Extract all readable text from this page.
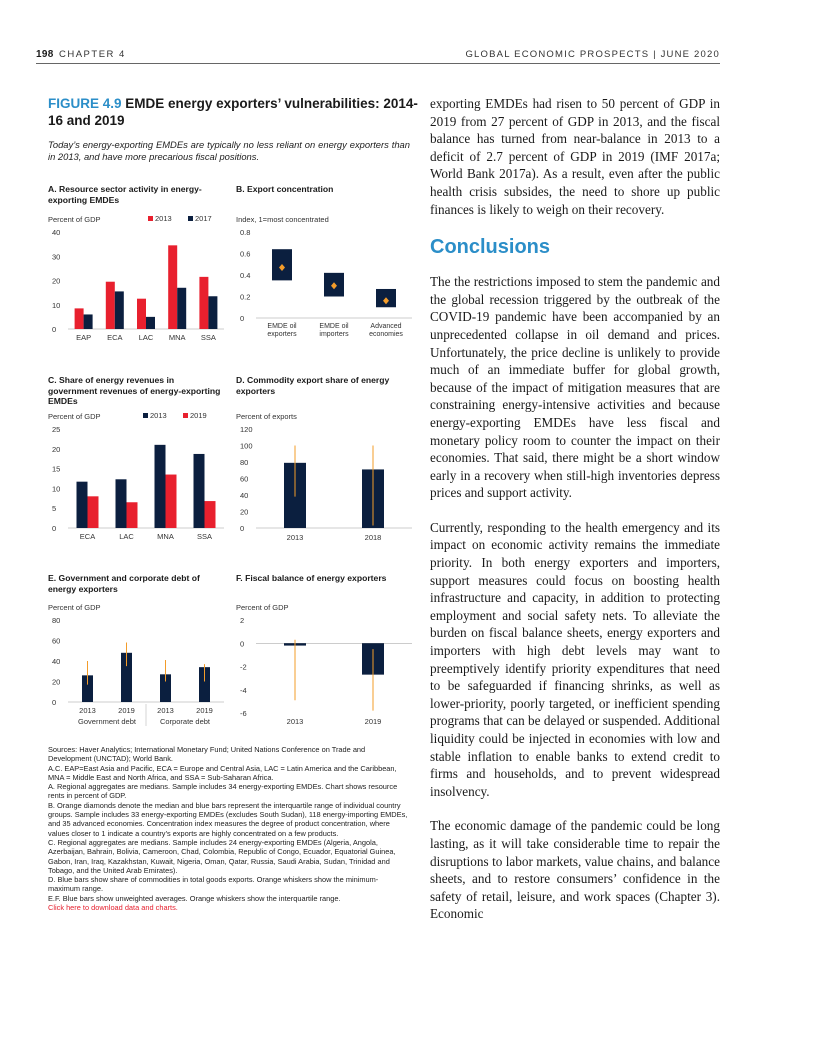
198 CHAPTER 4	GLOBAL ECONOMIC PROSPECTS | JUNE 2020
FIGURE 4.9 EMDE energy exporters’ vulnerabilities: 2014-16 and 2019
Today’s energy-exporting EMDEs are typically no less reliant on energy exporters than in 2013, and have more precarious fiscal positions.
A. Resource sector activity in energy-exporting EMDEs
B. Export concentration
C. Share of energy revenues in government revenues of energy-exporting EMDEs
D. Commodity export share of energy exporters
E. Government and corporate debt of energy exporters
F. Fiscal balance of energy exporters
0
10
20
30
40
Percent of GDP
EAP ECA LAC MNA SSA
2013	2017
0
0.2
0.4
0.6
0.8
Index, 1=most concentrated
EMDE oil
exporters
EMDE oil
importers
Advanced
economies
0
5
10
15
20
25
Percent of GDP
ECA	LAC	MNA	SSA
2013	2019
0
20
40
60
80
100
120
Percent of exports
2013	2018
0
20
40
60
80
Percent of GDP
2013	2019	2013	2019
Government debt	Corporate debt
-6
-4
-2
0
2
Percent of GDP
2013	2019

Sources: Haver Analytics; International Monetary Fund; United Nations Conference on Trade and Development (UNCTAD); World Bank.

A.C. EAP=East Asia and Pacific, ECA = Europe and Central Asia, LAC = Latin America and the Caribbean, MNA = Middle East and North Africa, and SSA = Sub-Saharan Africa.

A. Regional aggregates are medians. Sample includes 34 energy-exporting EMDEs. Chart shows resource rents in percent of GDP.

B. Orange diamonds denote the median and blue bars represent the interquartile range of individual country groups. Sample includes 33 energy-exporting EMDEs (excludes South Sudan), 118 energy-importing EMDEs, and 35 advanced economies. Concentration index measures the degree of product concentration, where values closer to 1 indicate a country’s exports are highly concentrated on a few products.

C. Regional aggregates are medians. Sample includes 24 energy-exporting EMDEs (Algeria, Angola, Azerbaijan, Bahrain, Bolivia, Cameroon, Chad, Colombia, Republic of Congo, Ecuador, Equatorial Guinea, Gabon, Iran, Iraq, Kazakhstan, Kuwait, Nigeria, Oman, Qatar, Russia, Saudi Arabia, Sudan, Trinidad and Tobago, and the United Arab Emirates).

D. Blue bars show share of commodities in total goods exports. Orange whiskers show the minimum-maximum range.

E.F. Blue bars show unweighted averages. Orange whiskers show the interquartile range.

Click here to download data and charts.

exporting EMDEs had risen to 50 percent of GDP in 2019 from 27 percent of GDP in 2013, and the fiscal balance has turned from near-balance in 2013 to a deficit of 2.7 percent of GDP in 2019 (IMF 2017a; World Bank 2017a). As a result, even after the public health crisis subsides, the need to shore up public finances is likely to weigh on their recovery.

Conclusions

The the restrictions imposed to stem the pandemic and the global recession triggered by the outbreak of the COVID-19 pandemic have been accompanied by an unprecedented collapse in oil demand and prices. Unfortunately, the price decline is unlikely to provide much of an immediate buffer for global growth, because of the impact of mitigation measures that are constraining energy-intensive activities and because energy-exporting EMDEs have less fiscal and monetary policy room to counter the impact on their economies. That said, there might be a short window early in a recovery when still-high inventories depress prices and support activity.

Currently, responding to the health emergency and its impact on economic activity remains the immediate priority. In both energy exporters and importers, support measures could focus on boosting health infrastructure and capacity, in addition to protecting employment and social safety nets. To alleviate the burden on fiscal balance sheets, energy exporters and importers with high debt levels may want to preemptively identify priority expenditures that need to be safeguarded if financing shrinks, as well as lower-priority, poorly targeted, or inefficient spending programs that can be delayed or suspended. Additional liquidity could be injected in economies with low and stable inflation to enable banks to extend credit to firms and households, and to prevent widespread insolvency.

The economic damage of the pandemic could be long lasting, as it will take considerable time to repair the disruptions to labor markets, value chains, and balance sheets, and to restore consumers’ confidence in the safety of retail, leisure, and work spaces (Chapter 3). Economic
